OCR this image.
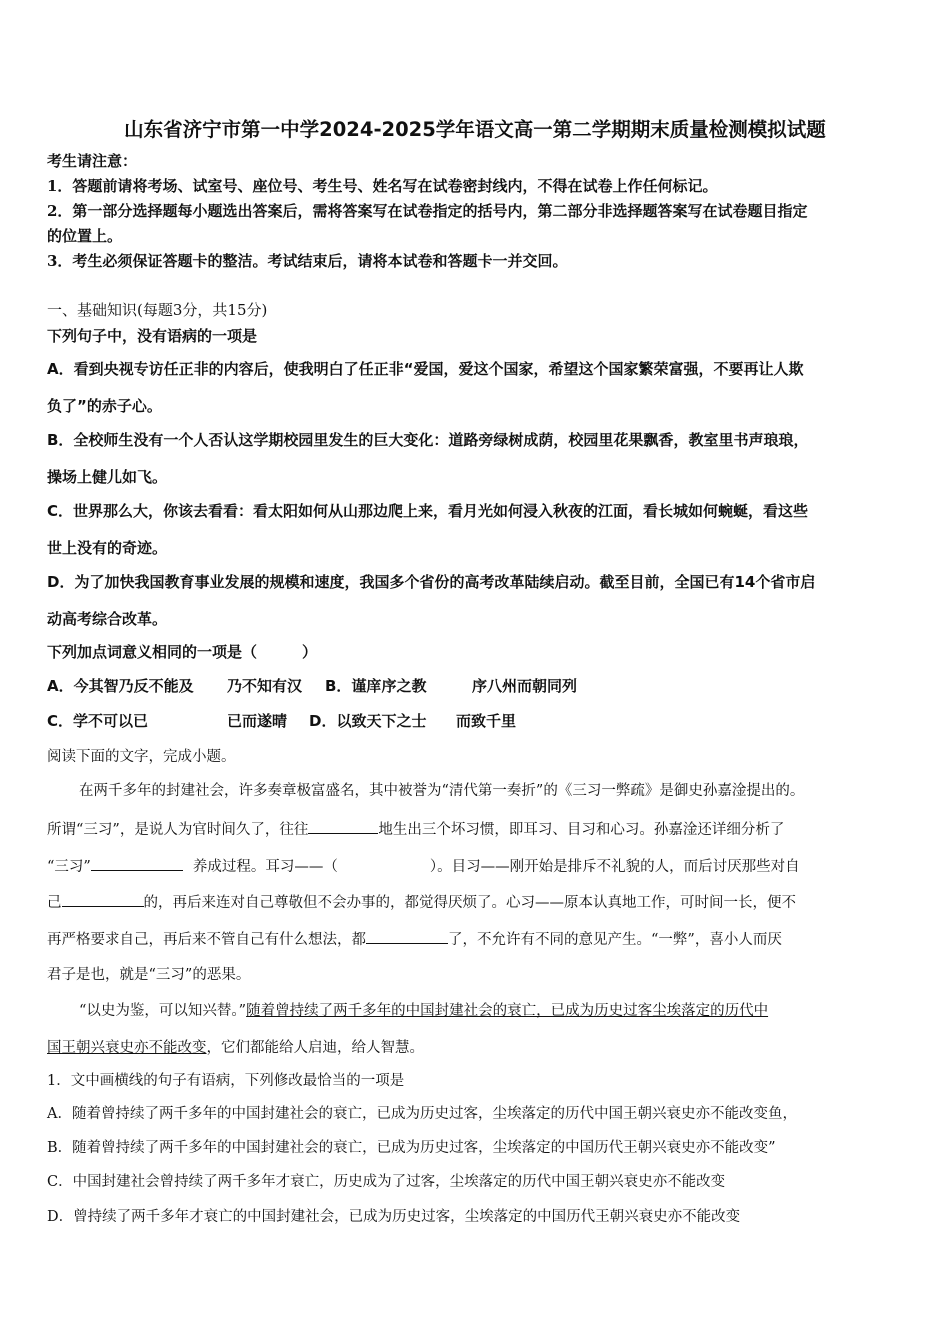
山东省济宁市第一中学2024-2025学年语文高一第二学期期末质量检测模拟试题
考生请注意：
1．答题前请将考场、试室号、座位号、考生号、姓名写在试卷密封线内，不得在试卷上作任何标记。
2．第一部分选择题每小题选出答案后，需将答案写在试卷指定的括号内，第二部分非选择题答案写在试卷题目指定
的位置上。
3．考生必须保证答题卡的整洁。考试结束后，请将本试卷和答题卡一并交回。
一、基础知识(每题3分，共15分)
下列句子中，没有语病的一项是
A．看到央视专访任正非的内容后，使我明白了任正非“爱国，爱这个国家，希望这个国家繁荣富强，不要再让人欺
负了”的赤子心。
B．全校师生没有一个人否认这学期校园里发生的巨大变化：道路旁绿树成荫，校园里花果飘香，教室里书声琅琅，
操场上健儿如飞。
C．世界那么大，你该去看看：看太阳如何从山那边爬上来，看月光如何浸入秋夜的江面，看长城如何蜿蜒，看这些
世上没有的奇迹。
D．为了加快我国教育事业发展的规模和速度，我国多个省份的高考改革陆续启动。截至目前，全国已有14个省市启
动高考综合改革。
下列加点词意义相同的一项是（　　　）
A．今其智乃反不能及 乃不知有汉 B．谨庠序之教	序八州而朝同列
C．学不可以已	已而遂晴 D．以致天下之士 而致千里
阅读下面的文字，完成小题。
在两千多年的封建社会，许多奏章极富盛名，其中被誉为“清代第一奏折”的《三习一弊疏》是御史孙嘉淦提出的。
所谓“三习”，是说人为官时间久了，往往	地生出三个坏习惯，即耳习、目习和心习。孙嘉淦还详细分析了
“三习”	养成过程。耳习——（	）。目习——刚开始是排斥不礼貌的人，而后讨厌那些对自
己	的，再后来连对自己尊敬但不会办事的，都觉得厌烦了。心习——原本认真地工作，可时间一长，便不
再严格要求自己，再后来不管自己有什么想法，都	了，不允许有不同的意见产生。“一弊”，喜小人而厌
君子是也，就是“三习”的恶果。
“以史为鉴，可以知兴替。”随着曾持续了两千多年的中国封建社会的衰亡，已成为历史过客尘埃落定的历代中
国王朝兴衰史亦不能改变，它们都能给人启迪，给人智慧。
1．文中画横线的句子有语病，下列修改最恰当的一项是
A．随着曾持续了两千多年的中国封建社会的衰亡，已成为历史过客，尘埃落定的历代中国王朝兴衰史亦不能改变鱼，
B．随着曾持续了两千多年的中国封建社会的衰亡，已成为历史过客，尘埃落定的中国历代王朝兴衰史亦不能改变”
C．中国封建社会曾持续了两千多年才衰亡，历史成为了过客，尘埃落定的历代中国王朝兴衰史亦不能改变
D．曾持续了两千多年才衰亡的中国封建社会，已成为历史过客，尘埃落定的中国历代王朝兴衰史亦不能改变
